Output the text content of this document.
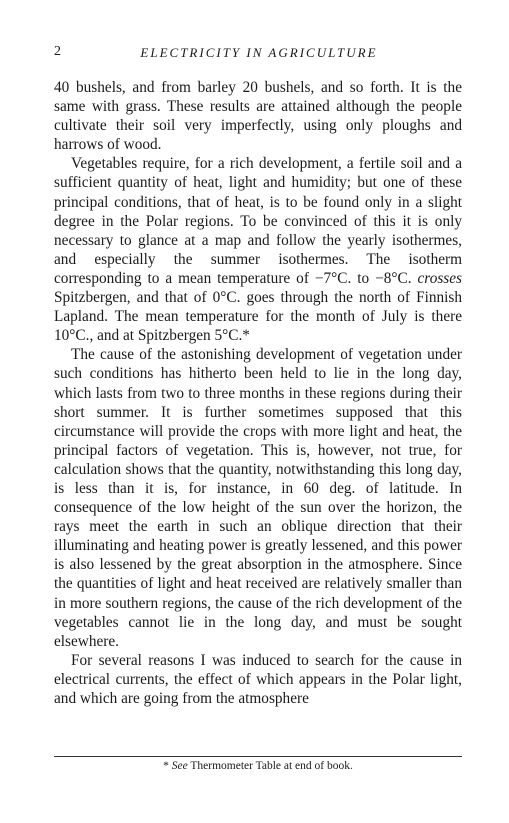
2	ELECTRICITY IN AGRICULTURE

40 bushels, and from barley 20 bushels, and so forth. It is the same with grass. These results are attained although the people cultivate their soil very imperfectly, using only ploughs and harrows of wood.

Vegetables require, for a rich development, a fertile soil and a sufficient quantity of heat, light and humidity; but one of these principal conditions, that of heat, is to be found only in a slight degree in the Polar regions. To be convinced of this it is only necessary to glance at a map and follow the yearly isothermes, and especially the summer isothermes. The isotherm corresponding to a mean temperature of −7°C. to −8°C. crosses Spitzbergen, and that of 0°C. goes through the north of Finnish Lapland. The mean temperature for the month of July is there 10°C., and at Spitzbergen 5°C.*

The cause of the astonishing development of vegetation under such conditions has hitherto been held to lie in the long day, which lasts from two to three months in these regions during their short summer. It is further sometimes supposed that this circumstance will provide the crops with more light and heat, the principal factors of vegetation. This is, however, not true, for calculation shows that the quantity, notwithstanding this long day, is less than it is, for instance, in 60 deg. of latitude. In consequence of the low height of the sun over the horizon, the rays meet the earth in such an oblique direction that their illuminating and heating power is greatly lessened, and this power is also lessened by the great absorption in the atmosphere. Since the quantities of light and heat received are relatively smaller than in more southern regions, the cause of the rich development of the vegetables cannot lie in the long day, and must be sought elsewhere.

For several reasons I was induced to search for the cause in electrical currents, the effect of which appears in the Polar light, and which are going from the atmosphere

* See Thermometer Table at end of book.
